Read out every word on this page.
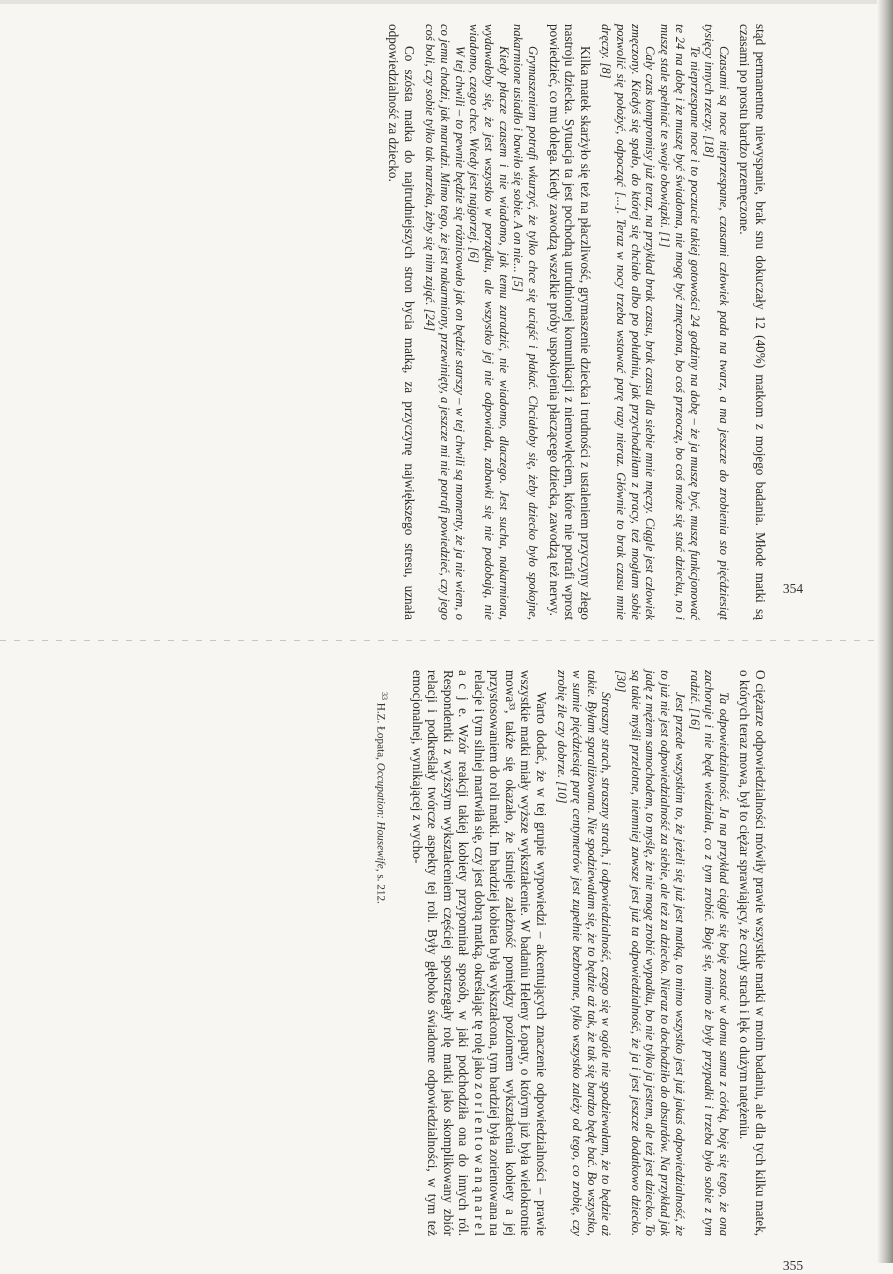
354

stąd permanentne niewyspanie, brak snu dokuczały 12 (40%) matkom z mojego badania. Młode matki są czasami po prostu bardzo przemęczone.

Czasami są noce nieprzespane, czasami człowiek pada na twarz, a ma jeszcze do zrobienia sto pięćdziesiąt tysięcy innych rzeczy. [18]

Te nieprzespane noce i to poczucie takiej gotowości 24 godziny na dobę – że ja muszę być, muszę funkcjonować te 24 na dobę i że muszę być świadoma, nie mogę być zmęczona, bo coś przeoczę, bo coś może się stać dziecku, no i muszę stale spełniać te swoje obowiązki. [1]

Cały czas kompromisy już teraz, na przykład brak czasu, brak czasu dla siebie mnie męczy. Ciągle jest człowiek zmęczony. Kiedyś się spało, do której się chciało albo po południu, jak przychodziłam z pracy, też mogłam sobie pozwolić się położyć, odpocząć [...]. Teraz w nocy trzeba wstawać parę razy nieraz. Głównie to brak czasu mnie dręczy. [8]

Kilka matek skarżyło się też na płaczliwość, grymaszenie dziecka i trudności z ustaleniem przyczyny złego nastroju dziecka. Sytuacja ta jest pochodną utrudnionej komunikacji z niemowlęciem, które nie potrafi wprost powiedzieć, co mu dolega. Kiedy zawodzą wszelkie próby uspokojenia płaczącego dziecka, zawodzą też nerwy.

Grymaszeniem potrafi wkurzyć, że tylko chce się uciąść i płakać. Chciałoby się, żeby dziecko było spokojne, nakarmione usiadło i bawiło się sobie. A on nie... [5]

Kiedy płacze czasem i nie wiadomo, jak temu zaradzić, nie wiadomo, dlaczego. Jest sucha, nakarmiona, wydawałoby się, że jest wszystko w porządku, ale wszystko jej nie odpowiada, zabawki się nie podobają, nie wiadomo, czego chce. Wtedy jest najgorzej. [6]

W tej chwili – to pewnie będzie się różnicowało jak on będzie starszy – w tej chwili są momenty, że ja nie wiem, o co jemu chodzi, jak marudzi. Mimo tego, że jest nakarmiony, przewinięty, a jeszcze mi nie potrafi powiedzieć, czy jego coś boli, czy sobie tylko tak narzeka, żeby się nim zająć. [24]

Co szósta matka do najtrudniejszych stron bycia matką, za przyczynę największego stresu, uznała odpowiedzialność za dziecko.

355

O ciężarze odpowiedzialności mówiły prawie wszystkie matki w moim badaniu, ale dla tych kilku matek, o których teraz mowa, był to ciężar sprawiający, że czuły strach i lęk o dużym natężeniu.

Ta odpowiedzialność. Ja na przykład ciągle się boję zostać w domu sama z córką, boję się tego, że ona zachoruje i nie będę wiedziała, co z tym zrobić. Boję się, mimo że były przypadki i trzeba było sobie z tym radzić. [16]

Jest przede wszystkim to, że jeżeli się już jest matką, to mimo wszystko jest już jakaś odpowiedzialność, że to już nie jest odpowiedzialność za siebie, ale też za dziecko. Nieraz to dochodziło do absurdów. Na przykład jak jadę z mężem samochodem, to myślę, że nie mogę zrobić wypadku, bo nie tylko ja jestem, ale też jest dziecko. To są takie myśli przelotne, niemniej zawsze jest już ta odpowiedzialność, że ja i jest jeszcze dodatkowo dziecko. [30]

Straszny strach, straszny strach, i odpowiedzialność, czego się w ogóle nie spodziewałam, że to będzie aż takie. Byłam sparaliżowana. Nie spodziewałam się, że to będzie aż tak, że tak się bardzo będę bać. Bo wszystko, w sumie pięćdziesiąt parę centymetrów jest zupełnie bezbronne, tylko wszystko zależy od tego, co zrobię, czy zrobię źle czy dobrze. [10]

Warto dodać, że w tej grupie wypowiedzi – akcentujących znaczenie odpowiedzialności – prawie wszystkie matki miały wyższe wykształcenie. W badaniu Heleny Łopaty, o którym już była wielokrotnie mowa³³, także się okazało, że istnieje zależność pomiędzy poziomem wykształcenia kobiety a jej przystosowaniem do roli matki. Im bardziej kobieta była wykształcona, tym bardziej była zorientowana na relacje i tym silniej martwiła się, czy jest dobrą matką, określając tę rolę jako z o r i e n t o w a n ą n a r e l a c j e. Wzór reakcji takiej kobiety przypominał sposób, w jaki podchodziła ona do innych ról. Respondentki z wyższym wykształceniem częściej spostrzegały rolę matki jako skomplikowany zbiór relacji i podkreślały twórcze aspekty tej roli. Były głęboko świadome odpowiedzialności, w tym też emocjonalnej, wynikającej z wycho-

$^{33}$ H.Z. Łopata, Occupation: Housewife, s. 212.
